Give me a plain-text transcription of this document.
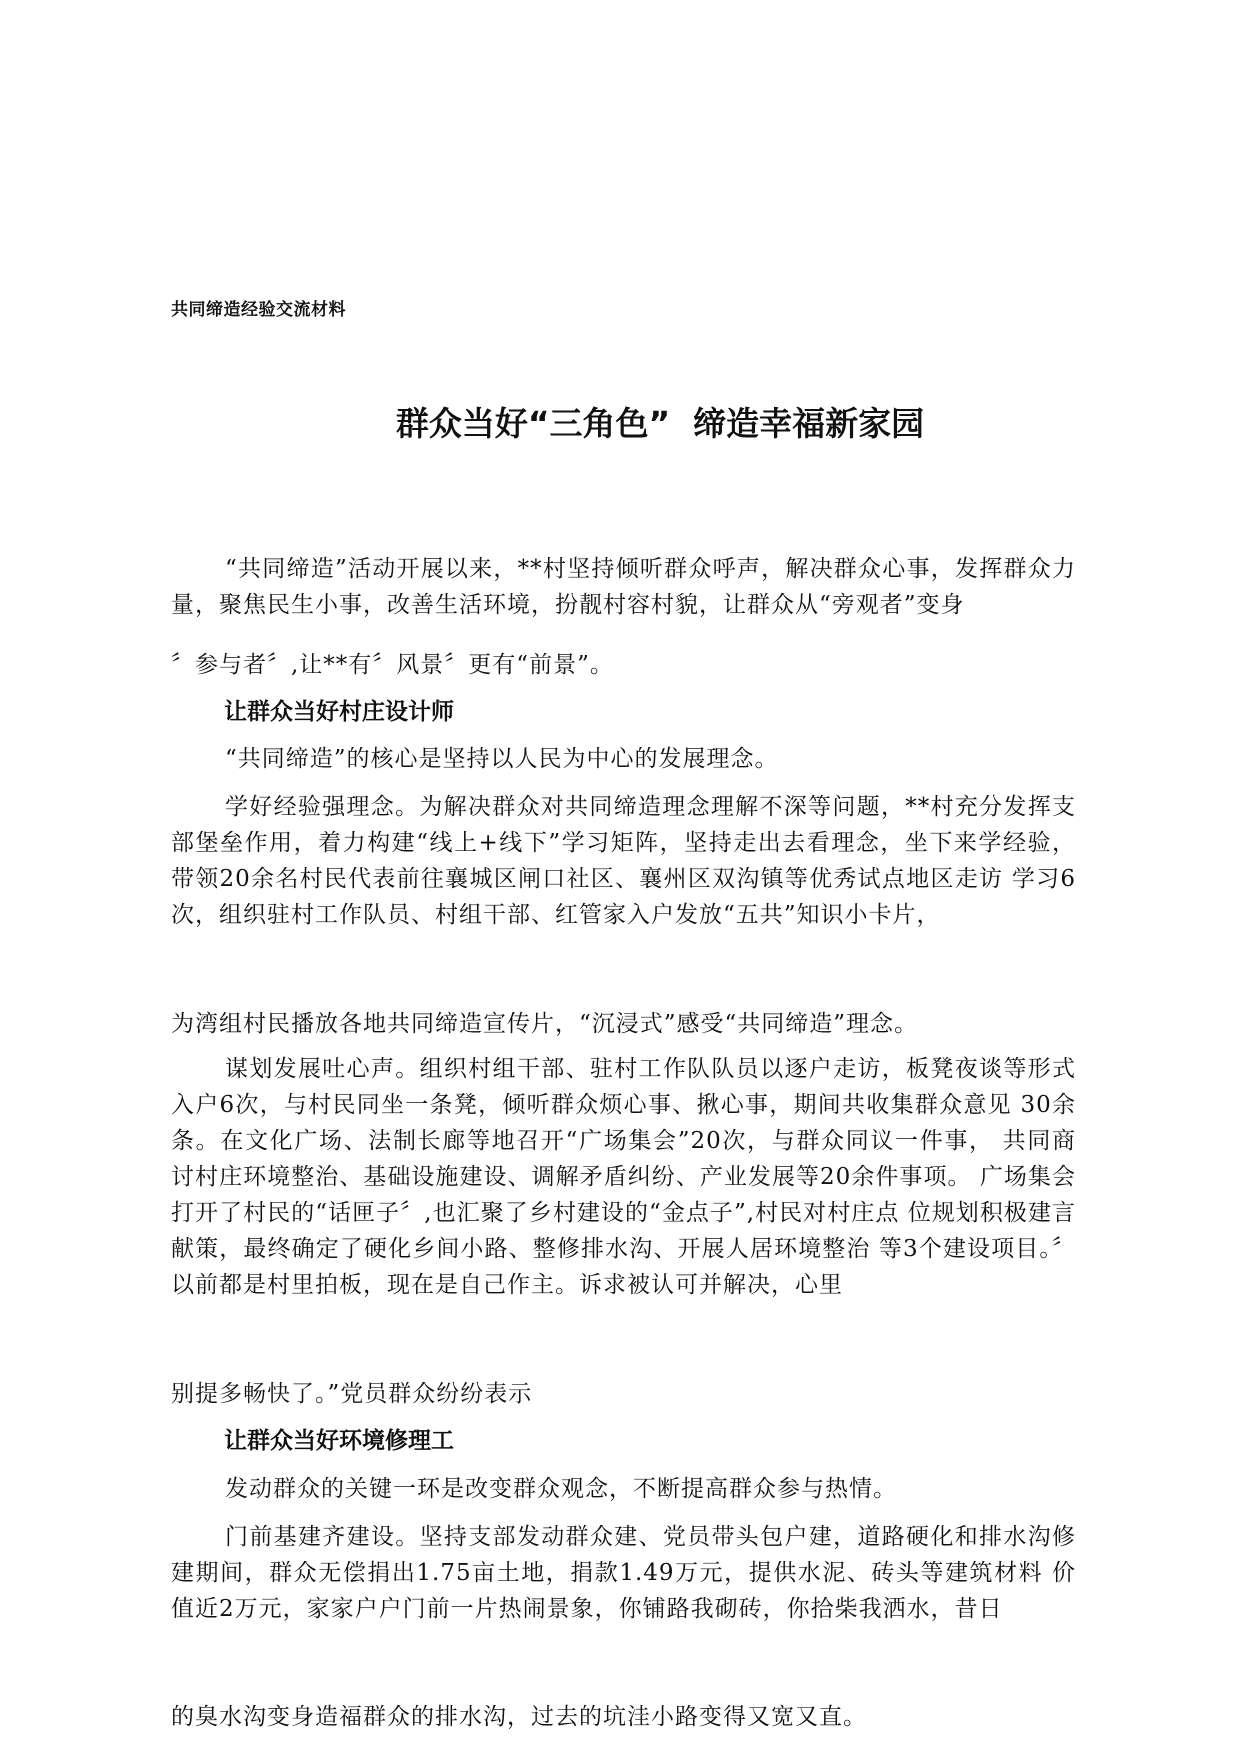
共同缔造经验交流材料
群众当好“三角色”  缔造幸福新家园
“共同缔造”活动开展以来，**村坚持倾听群众呼声，解决群众心事，发挥群众力量，聚焦民生小事，改善生活环境，扮靓村容村貌，让群众从“旁观者”变身
〞参与者〞,让**有〞风景〞更有“前景”。
让群众当好村庄设计师
“共同缔造”的核心是坚持以人民为中心的发展理念。
学好经验强理念。为解决群众对共同缔造理念理解不深等问题，**村充分发挥支部堡垒作用，着力构建“线上+线下”学习矩阵，坚持走出去看理念，坐下来学经验，带领20余名村民代表前往襄城区闸口社区、襄州区双沟镇等优秀试点地区走访 学习6次，组织驻村工作队员、村组干部、红管家入户发放“五共”知识小卡片，
为湾组村民播放各地共同缔造宣传片，“沉浸式”感受“共同缔造”理念。
谋划发展吐心声。组织村组干部、驻村工作队队员以逐户走访，板凳夜谈等形式入户6次，与村民同坐一条凳，倾听群众烦心事、揪心事，期间共收集群众意见 30余条。在文化广场、法制长廊等地召开“广场集会”20次，与群众同议一件事， 共同商讨村庄环境整治、基础设施建设、调解矛盾纠纷、产业发展等20余件事项。 广场集会打开了村民的“话匣子〞,也汇聚了乡村建设的“金点子”,村民对村庄点 位规划积极建言献策，最终确定了硬化乡间小路、整修排水沟、开展人居环境整治 等3个建设项目。〞以前都是村里拍板，现在是自己作主。诉求被认可并解决，心里
别提多畅快了。”党员群众纷纷表示
让群众当好环境修理工
发动群众的关键一环是改变群众观念，不断提高群众参与热情。
门前基建齐建设。坚持支部发动群众建、党员带头包户建，道路硬化和排水沟修建期间，群众无偿捐出1.75亩土地，捐款1.49万元，提供水泥、砖头等建筑材料 价值近2万元，家家户户门前一片热闹景象，你铺路我砌砖，你拾柴我洒水，昔日
的臭水沟变身造福群众的排水沟，过去的坑洼小路变得又宽又直。
